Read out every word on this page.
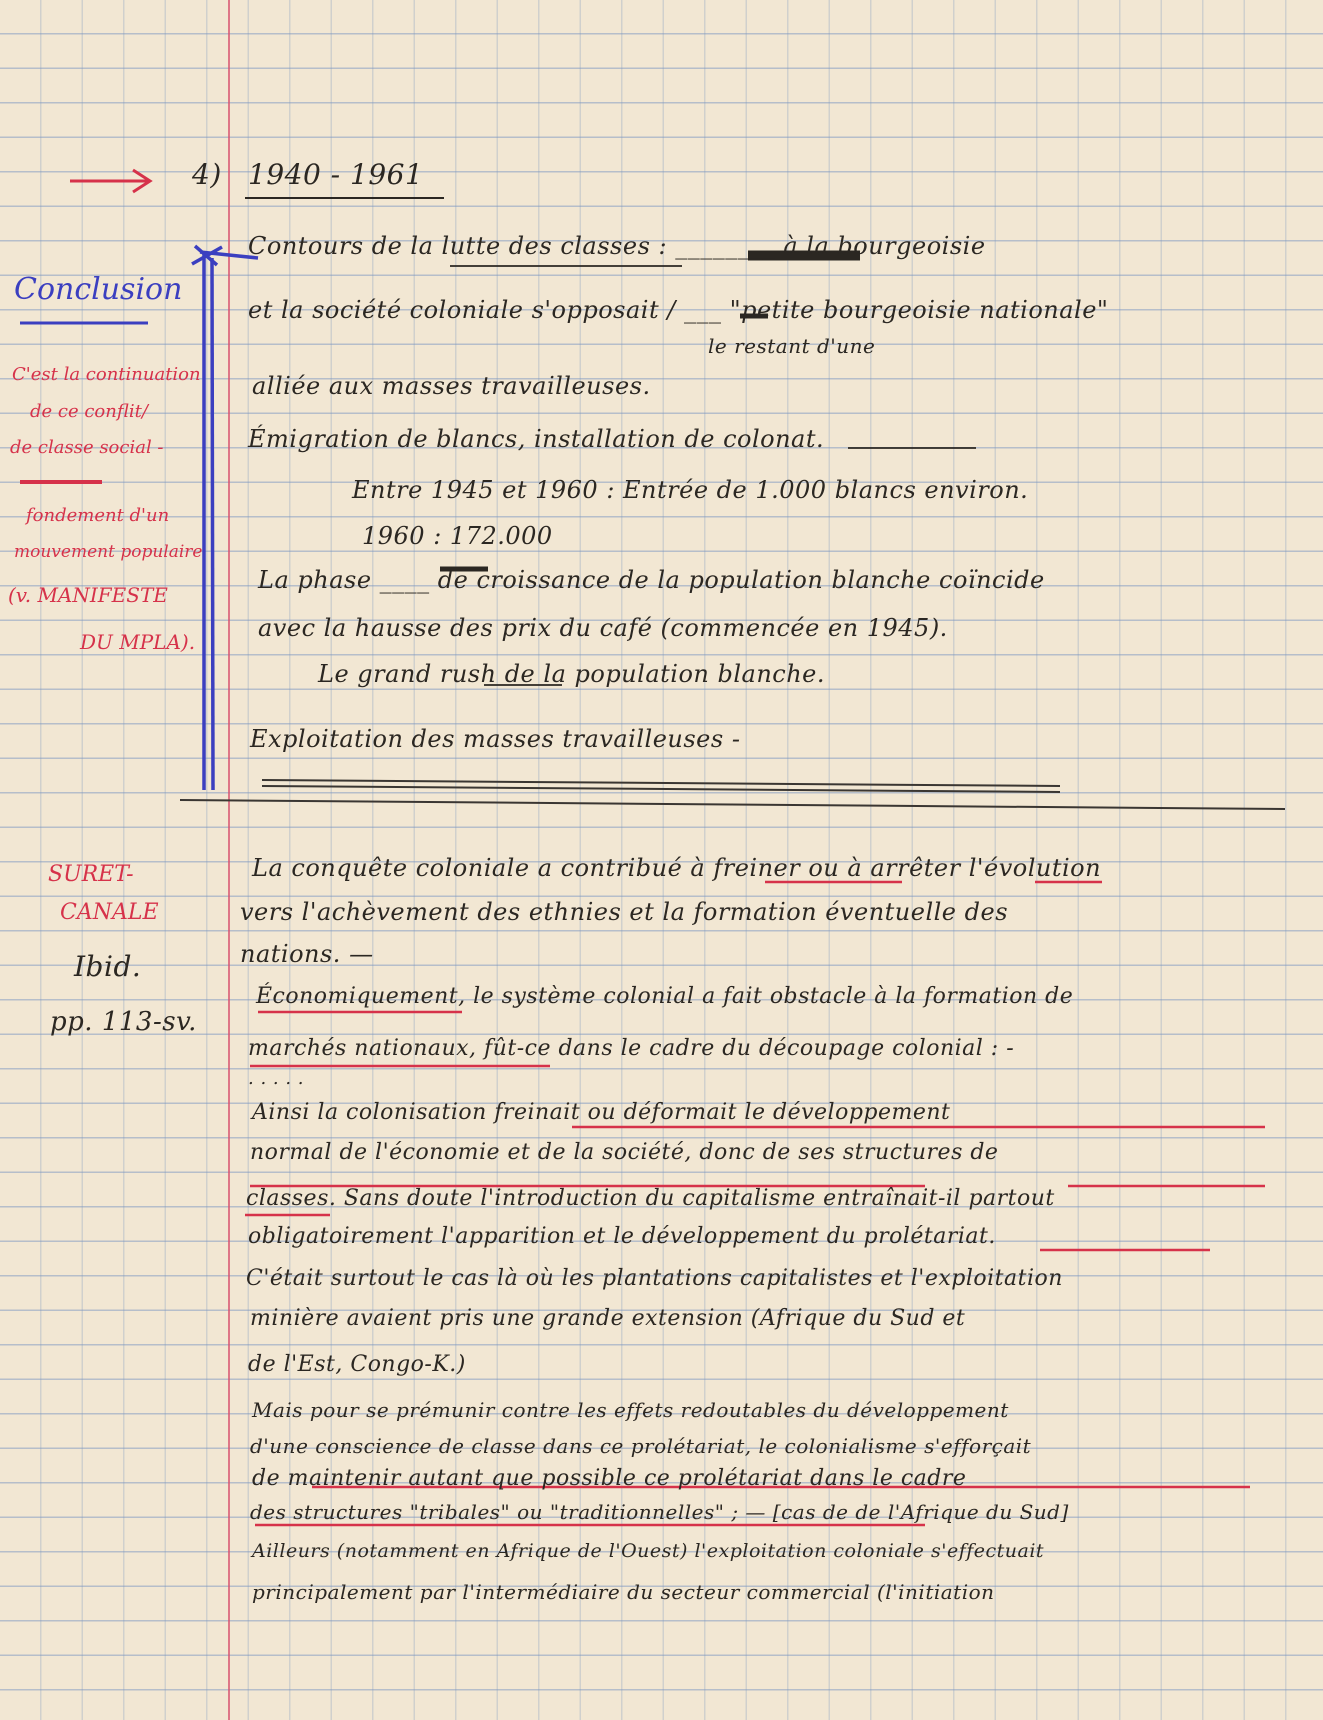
Conclusion
C'est la continuation
de ce conflit/
de classe social -
fondement d'un
mouvement populaire
(v. MANIFESTE
DU MPLA).
SURET-
CANALE
Ibid.
pp. 113-sv.
4) 1940 - 1961
Contours de la lutte des classes : ________ à la bourgeoisie
et la société coloniale s'opposait / ___ "petite bourgeoisie nationale"
le restant d'une
alliée aux masses travailleuses.
Émigration de blancs, installation de colonat.
Entre 1945 et 1960 : Entrée de 1.000 blancs environ.
1960 : 172.000
La phase ____ de croissance de la population blanche coïncide
avec la hausse des prix du café (commencée en 1945).
Le grand rush de la population blanche.
Exploitation des masses travailleuses -
La conquête coloniale a contribué à freiner ou à arrêter l'évolution
vers l'achèvement des ethnies et la formation éventuelle des
nations. —
Économiquement, le système colonial a fait obstacle à la formation de
marchés nationaux, fût-ce dans le cadre du découpage colonial : -
. . . . .
Ainsi la colonisation freinait ou déformait le développement
normal de l'économie et de la société, donc de ses structures de
classes. Sans doute l'introduction du capitalisme entraînait-il partout
obligatoirement l'apparition et le développement du prolétariat.
C'était surtout le cas là où les plantations capitalistes et l'exploitation
minière avaient pris une grande extension (Afrique du Sud et
de l'Est, Congo-K.)
Mais pour se prémunir contre les effets redoutables du développement
d'une conscience de classe dans ce prolétariat, le colonialisme s'efforçait
de maintenir autant que possible ce prolétariat dans le cadre
des structures "tribales" ou "traditionnelles" ; — [cas de de l'Afrique du Sud]
Ailleurs (notamment en Afrique de l'Ouest) l'exploitation coloniale s'effectuait
principalement par l'intermédiaire du secteur commercial (l'initiation
